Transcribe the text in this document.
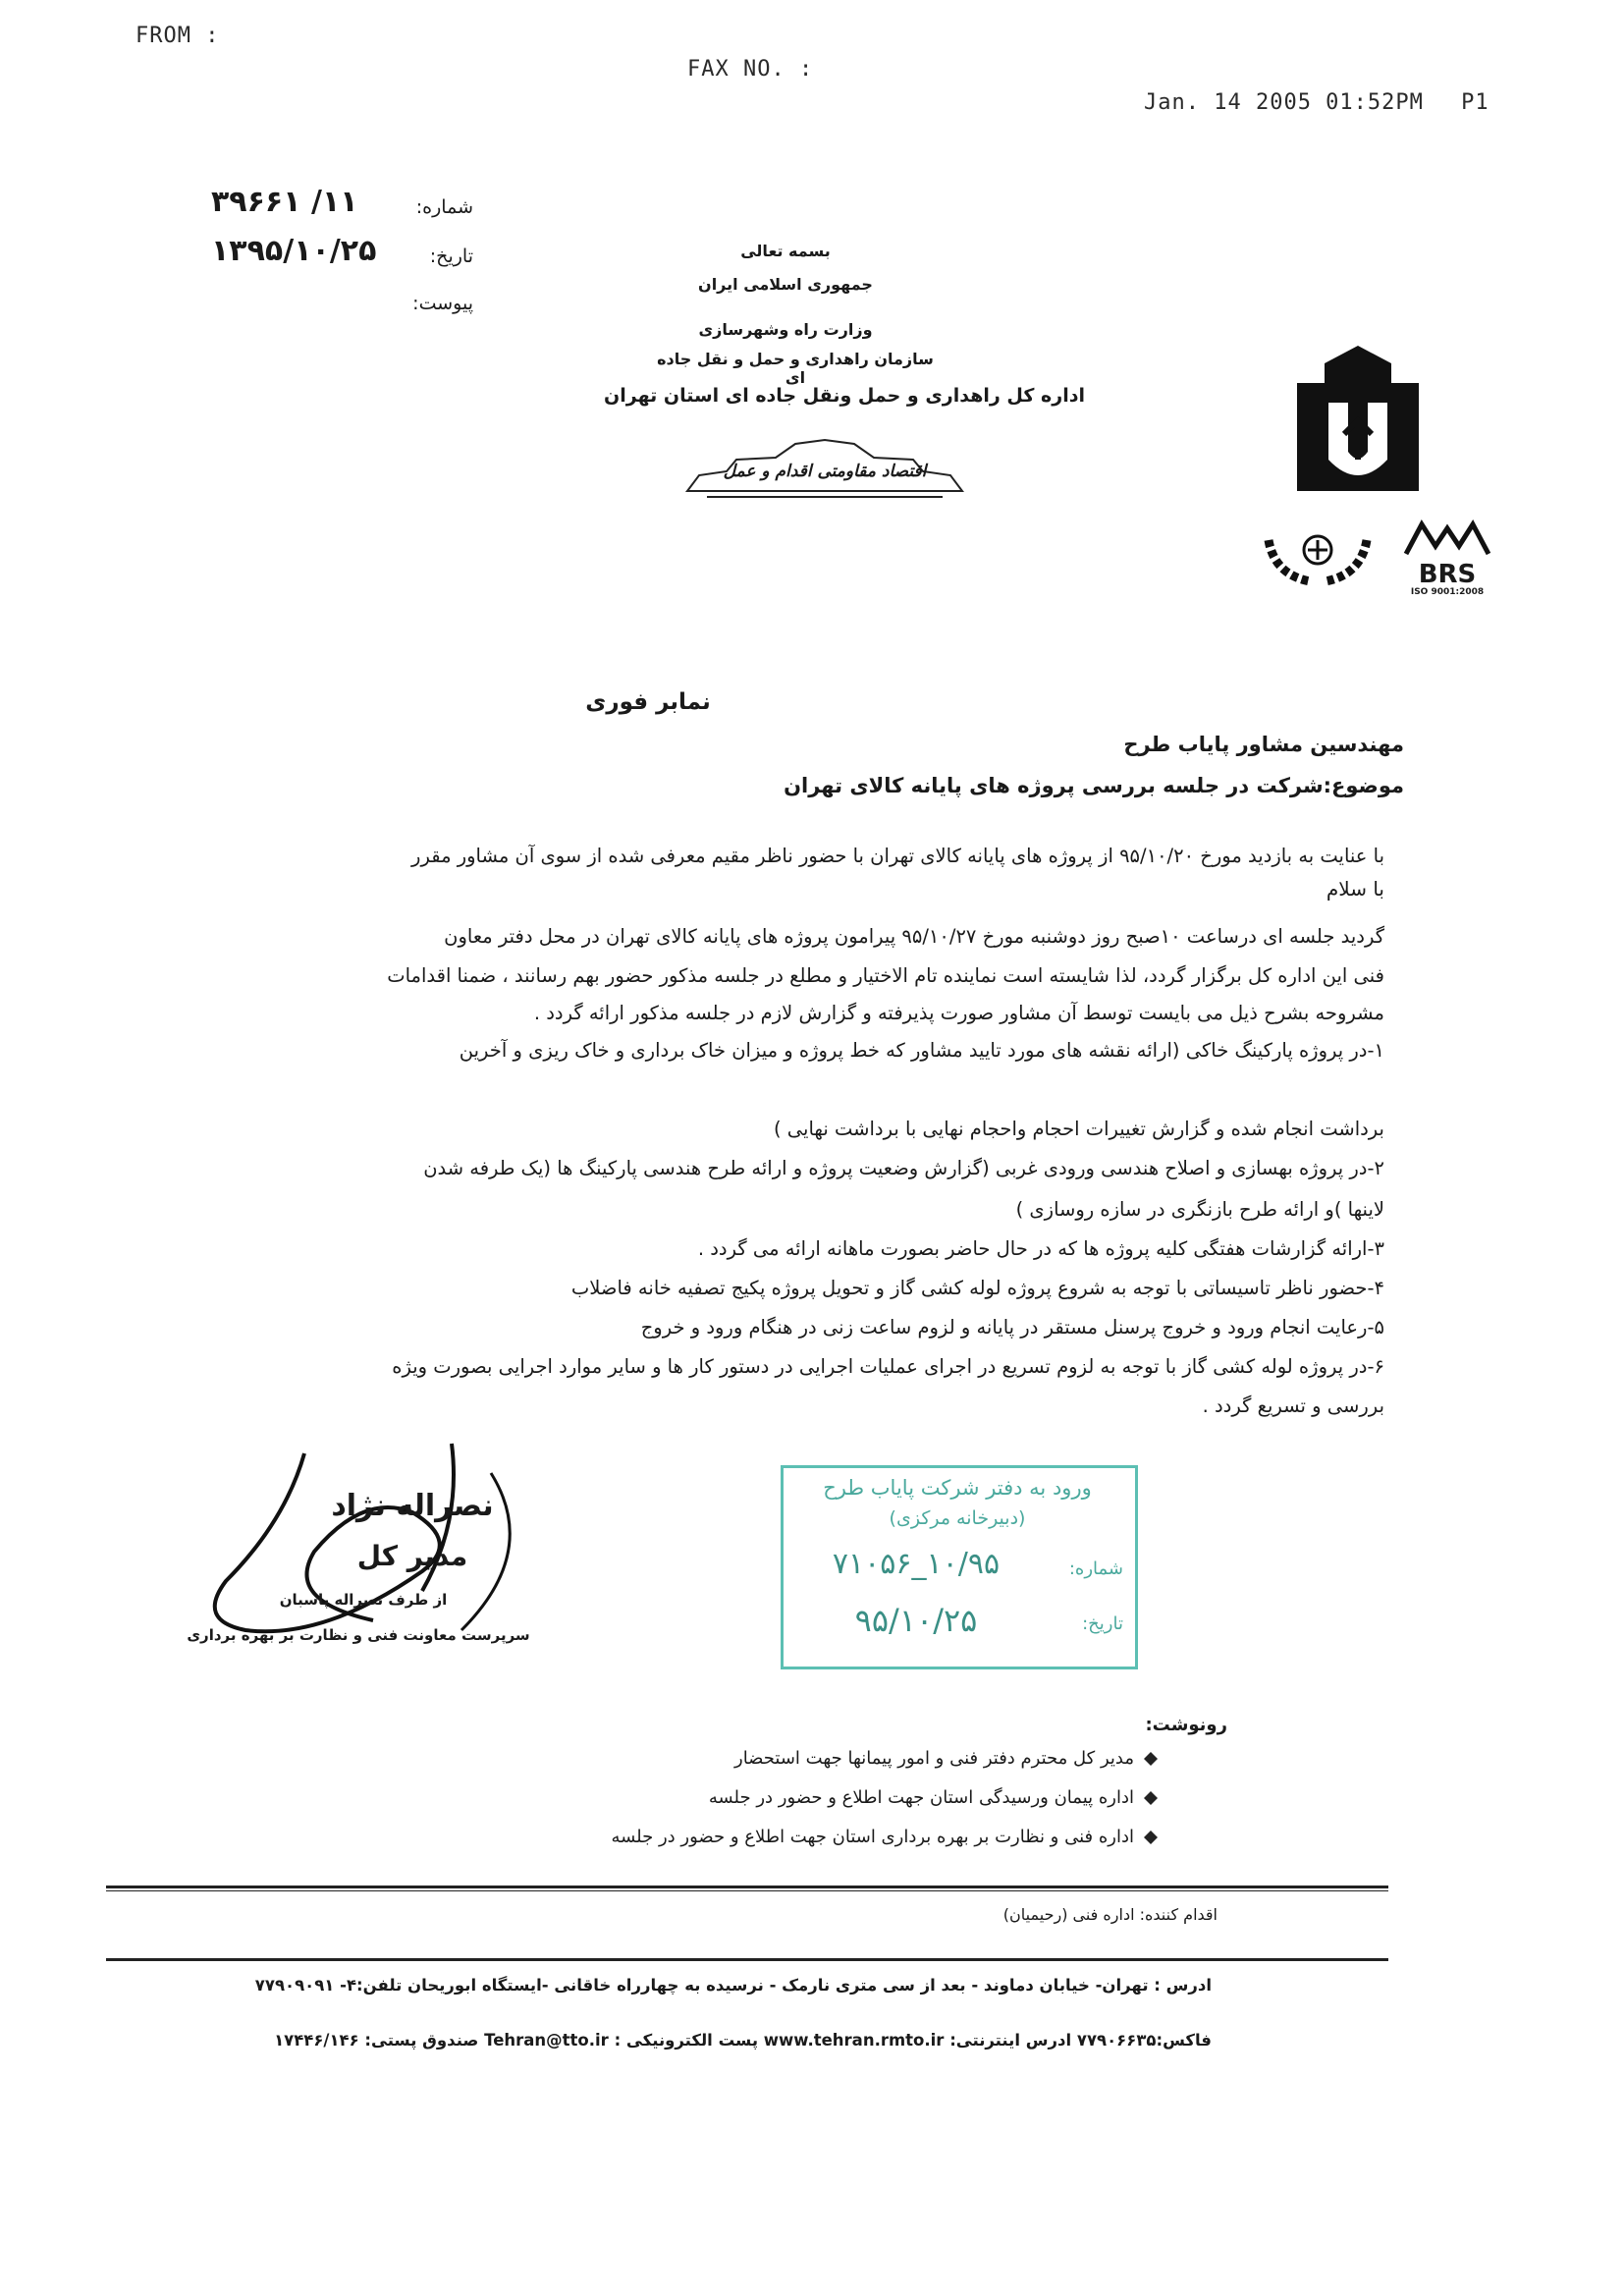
FROM :
FAX NO. :
Jan. 14 2005 01:52PM P1
شماره:
۱۱/ ۳۹۶۶۱
تاریخ:
۱۳۹۵/۱۰/۲۵
پیوست:
بسمه تعالی
جمهوری اسلامی ایران
وزارت راه وشهرسازی
سازمان راهداری و حمل و نقل جاده ای
اداره کل راهداری و حمل ونقل جاده ای استان تهران
اقتصاد مقاومتی اقدام و عمل
BRS
ISO 9001:2008
نمابر فوری
مهندسین مشاور پایاب طرح
موضوع:شرکت در جلسه بررسی پروژه های پایانه کالای تهران
با سلام
با عنایت به بازدید مورخ ۹۵/۱۰/۲۰ از پروژه های پایانه کالای تهران با حضور ناظر مقیم معرفی شده از سوی آن مشاور مقرر
گردید جلسه ای درساعت ۱۰صبح روز دوشنبه مورخ ۹۵/۱۰/۲۷ پیرامون پروژه های پایانه کالای تهران در محل دفتر معاون
فنی این اداره کل برگزار گردد، لذا شایسته است نماینده تام الاختیار و مطلع در جلسه مذکور حضور بهم رسانند ، ضمنا اقدامات
مشروحه بشرح ذیل می بایست توسط آن مشاور صورت پذیرفته و گزارش لازم در جلسه مذکور ارائه گردد .
۱-در پروژه پارکینگ خاکی (ارائه نقشه های مورد تایید مشاور که خط پروژه و میزان خاک برداری و خاک ریزی و آخرین
برداشت انجام شده و گزارش تغییرات احجام واحجام نهایی با برداشت نهایی )
۲-در پروژه بهسازی و اصلاح هندسی ورودی غربی (گزارش وضعیت پروژه و ارائه طرح هندسی پارکینگ ها (یک طرفه شدن
لاینها )و ارائه طرح بازنگری در سازه روسازی )
۳-ارائه گزارشات هفتگی کلیه پروژه ها که در حال حاضر بصورت ماهانه ارائه می گردد .
۴-حضور ناظر تاسیساتی با توجه به شروع پروژه لوله کشی گاز و تحویل پروژه پکیج تصفیه خانه فاضلاب
۵-رعایت انجام ورود و خروج پرسنل مستقر در پایانه و لزوم ساعت زنی در هنگام ورود و خروج
۶-در پروژه لوله کشی گاز با توجه به لزوم تسریع در اجرای عملیات اجرایی در دستور کار ها و سایر موارد اجرایی بصورت ویژه
بررسی و تسریع گردد .
نصراله نژاد
مدیر کل
از طرف نصراله پاسبان
سرپرست معاونت فنی و نظارت بر بهره برداری
ورود به دفتر شرکت پایاب طرح
(دبیرخانه مرکزی)
شماره:
۱۰/۹۵_۷۱۰۵۶
تاریخ:
۹۵/۱۰/۲۵
رونوشت:
مدیر کل محترم دفتر فنی و امور پیمانها جهت استحضار
اداره پیمان ورسیدگی استان جهت اطلاع و حضور در جلسه
اداره فنی و نظارت بر بهره برداری استان جهت اطلاع و حضور در جلسه
اقدام کننده: اداره فنی (رحیمیان)
ادرس : تهران- خیابان دماوند - بعد از سی متری نارمک - نرسیده به چهارراه خاقانی -ایستگاه ابوریحان تلفن:۴- ۷۷۹۰۹۰۹۱
فاکس:۷۷۹۰۶۶۳۵ ادرس اینترنتی: www.tehran.rmto.ir پست الکترونیکی : Tehran@tto.ir صندوق پستی: ۱۷۴۴۶/۱۴۶
